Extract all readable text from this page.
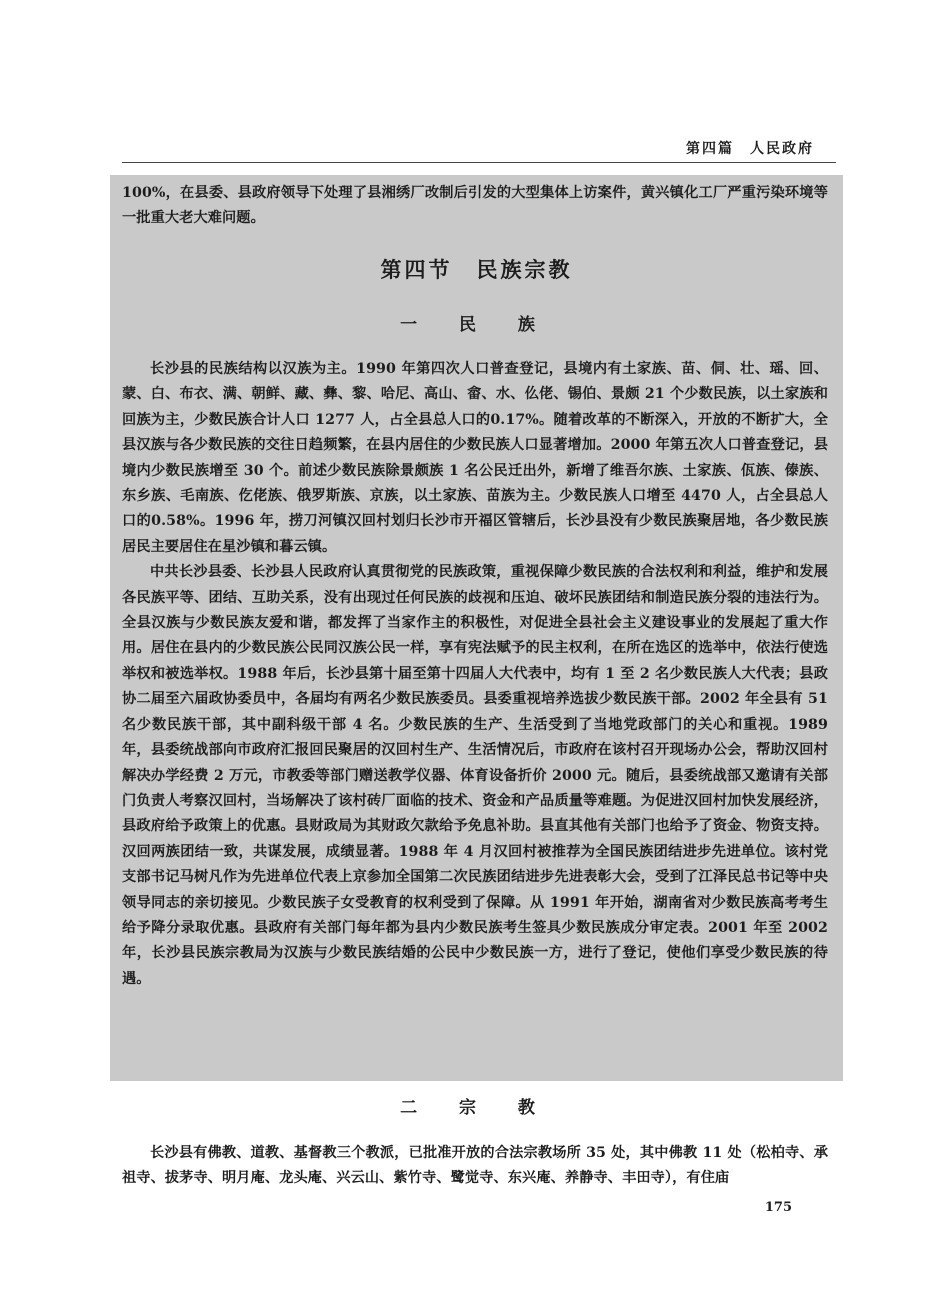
第四篇　人民政府

100%，在县委、县政府领导下处理了县湘绣厂改制后引发的大型集体上访案件，黄兴镇化工厂严重污染环境等一批重大老大难问题。

第四节　民族宗教
一 民 族

长沙县的民族结构以汉族为主。1990 年第四次人口普查登记，县境内有土家族、苗、侗、壮、瑶、回、蒙、白、布衣、满、朝鲜、藏、彝、黎、哈尼、高山、畲、水、仫佬、锡伯、景颇 21 个少数民族，以土家族和回族为主，少数民族合计人口 1277 人，占全县总人口的0.17%。随着改革的不断深入，开放的不断扩大，全县汉族与各少数民族的交往日趋频繁，在县内居住的少数民族人口显著增加。2000 年第五次人口普查登记，县境内少数民族增至 30 个。前述少数民族除景颇族 1 名公民迁出外，新增了维吾尔族、土家族、佤族、傣族、东乡族、毛南族、仡佬族、俄罗斯族、京族，以土家族、苗族为主。少数民族人口增至 4470 人，占全县总人口的0.58%。1996 年，捞刀河镇汉回村划归长沙市开福区管辖后，长沙县没有少数民族聚居地，各少数民族居民主要居住在星沙镇和暮云镇。

中共长沙县委、长沙县人民政府认真贯彻党的民族政策，重视保障少数民族的合法权利和利益，维护和发展各民族平等、团结、互助关系，没有出现过任何民族的歧视和压迫、破坏民族团结和制造民族分裂的违法行为。全县汉族与少数民族友爱和谐，都发挥了当家作主的积极性，对促进全县社会主义建设事业的发展起了重大作用。居住在县内的少数民族公民同汉族公民一样，享有宪法赋予的民主权利，在所在选区的选举中，依法行使选举权和被选举权。1988 年后，长沙县第十届至第十四届人大代表中，均有 1 至 2 名少数民族人大代表；县政协二届至六届政协委员中，各届均有两名少数民族委员。县委重视培养选拔少数民族干部。2002 年全县有 51 名少数民族干部，其中副科级干部 4 名。少数民族的生产、生活受到了当地党政部门的关心和重视。1989 年，县委统战部向市政府汇报回民聚居的汉回村生产、生活情况后，市政府在该村召开现场办公会，帮助汉回村解决办学经费 2 万元，市教委等部门赠送教学仪器、体育设备折价 2000 元。随后，县委统战部又邀请有关部门负责人考察汉回村，当场解决了该村砖厂面临的技术、资金和产品质量等难题。为促进汉回村加快发展经济，县政府给予政策上的优惠。县财政局为其财政欠款给予免息补助。县直其他有关部门也给予了资金、物资支持。汉回两族团结一致，共谋发展，成绩显著。1988 年 4 月汉回村被推荐为全国民族团结进步先进单位。该村党支部书记马树凡作为先进单位代表上京参加全国第二次民族团结进步先进表彰大会，受到了江泽民总书记等中央领导同志的亲切接见。少数民族子女受教育的权利受到了保障。从 1991 年开始，湖南省对少数民族高考考生给予降分录取优惠。县政府有关部门每年都为县内少数民族考生签具少数民族成分审定表。2001 年至 2002 年，长沙县民族宗教局为汉族与少数民族结婚的公民中少数民族一方，进行了登记，使他们享受少数民族的待遇。

二 宗 教

长沙县有佛教、道教、基督教三个教派，已批准开放的合法宗教场所 35 处，其中佛教 11 处（松柏寺、承祖寺、拔茅寺、明月庵、龙头庵、兴云山、紫竹寺、鹭觉寺、东兴庵、养静寺、丰田寺），有住庙

175
